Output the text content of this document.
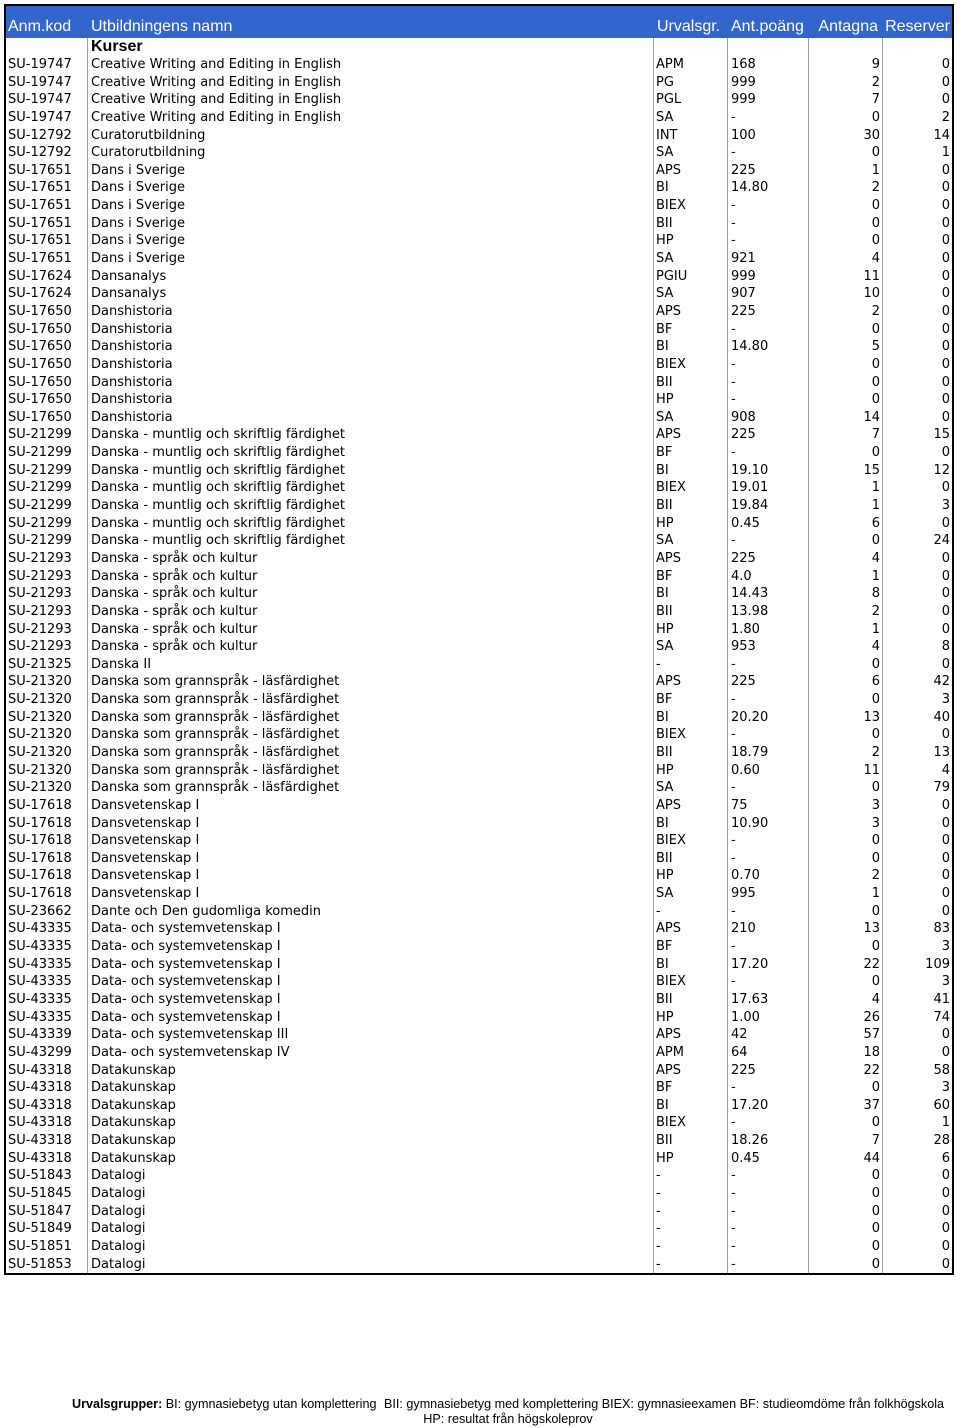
Anm.kod	Utbildningens namn	Urvalsgr. Ant.poäng Antagna Reserver
Kurser
SU-19747	Creative Writing and Editing in English	APM	168	9	0
SU-19747	Creative Writing and Editing in English	PG	999	2	0
SU-19747	Creative Writing and Editing in English	PGL	999	7	0
SU-19747	Creative Writing and Editing in English	SA	-	0	2
SU-12792	Curatorutbildning	INT	100	30	14
SU-12792	Curatorutbildning	SA	-	0	1
SU-17651	Dans i Sverige	APS	225	1	0
SU-17651	Dans i Sverige	BI	14.80	2	0
SU-17651	Dans i Sverige	BIEX	-	0	0
SU-17651	Dans i Sverige	BII	-	0	0
SU-17651	Dans i Sverige	HP	-	0	0
SU-17651	Dans i Sverige	SA	921	4	0
SU-17624	Dansanalys	PGIU	999	11	0
SU-17624	Dansanalys	SA	907	10	0
SU-17650	Danshistoria	APS	225	2	0
SU-17650	Danshistoria	BF	-	0	0
SU-17650	Danshistoria	BI	14.80	5	0
SU-17650	Danshistoria	BIEX	-	0	0
SU-17650	Danshistoria	BII	-	0	0
SU-17650	Danshistoria	HP	-	0	0
SU-17650	Danshistoria	SA	908	14	0
SU-21299	Danska - muntlig och skriftlig färdighet	APS	225	7	15
SU-21299	Danska - muntlig och skriftlig färdighet	BF	-	0	0
SU-21299	Danska - muntlig och skriftlig färdighet	BI	19.10	15	12
SU-21299	Danska - muntlig och skriftlig färdighet	BIEX	19.01	1	0
SU-21299	Danska - muntlig och skriftlig färdighet	BII	19.84	1	3
SU-21299	Danska - muntlig och skriftlig färdighet	HP	0.45	6	0
SU-21299	Danska - muntlig och skriftlig färdighet	SA	-	0	24
SU-21293	Danska - språk och kultur	APS	225	4	0
SU-21293	Danska - språk och kultur	BF	4.0	1	0
SU-21293	Danska - språk och kultur	BI	14.43	8	0
SU-21293	Danska - språk och kultur	BII	13.98	2	0
SU-21293	Danska - språk och kultur	HP	1.80	1	0
SU-21293	Danska - språk och kultur	SA	953	4	8
SU-21325	Danska II	-	-	0	0
SU-21320	Danska som grannspråk - läsfärdighet	APS	225	6	42
SU-21320	Danska som grannspråk - läsfärdighet	BF	-	0	3
SU-21320	Danska som grannspråk - läsfärdighet	BI	20.20	13	40
SU-21320	Danska som grannspråk - läsfärdighet	BIEX	-	0	0
SU-21320	Danska som grannspråk - läsfärdighet	BII	18.79	2	13
SU-21320	Danska som grannspråk - läsfärdighet	HP	0.60	11	4
SU-21320	Danska som grannspråk - läsfärdighet	SA	-	0	79
SU-17618	Dansvetenskap I	APS	75	3	0
SU-17618	Dansvetenskap I	BI	10.90	3	0
SU-17618	Dansvetenskap I	BIEX	-	0	0
SU-17618	Dansvetenskap I	BII	-	0	0
SU-17618	Dansvetenskap I	HP	0.70	2	0
SU-17618	Dansvetenskap I	SA	995	1	0
SU-23662	Dante och Den gudomliga komedin	-	-	0	0
SU-43335	Data- och systemvetenskap I	APS	210	13	83
SU-43335	Data- och systemvetenskap I	BF	-	0	3
SU-43335	Data- och systemvetenskap I	BI	17.20	22	109
SU-43335	Data- och systemvetenskap I	BIEX	-	0	3
SU-43335	Data- och systemvetenskap I	BII	17.63	4	41
SU-43335	Data- och systemvetenskap I	HP	1.00	26	74
SU-43339	Data- och systemvetenskap III	APS	42	57	0
SU-43299	Data- och systemvetenskap IV	APM	64	18	0
SU-43318	Datakunskap	APS	225	22	58
SU-43318	Datakunskap	BF	-	0	3
SU-43318	Datakunskap	BI	17.20	37	60
SU-43318	Datakunskap	BIEX	-	0	1
SU-43318	Datakunskap	BII	18.26	7	28
SU-43318	Datakunskap	HP	0.45	44	6
SU-51843	Datalogi	-	-	0	0
SU-51845	Datalogi	-	-	0	0
SU-51847	Datalogi	-	-	0	0
SU-51849	Datalogi	-	-	0	0
SU-51851	Datalogi	-	-	0	0
SU-51853	Datalogi	-	-	0	0
Urvalsgrupper: BI: gymnasiebetyg utan komplettering BII: gymnasiebetyg med komplettering BIEX: gymnasieexamen BF: studieomdöme från folkhögskola
HP: resultat från högskoleprov
